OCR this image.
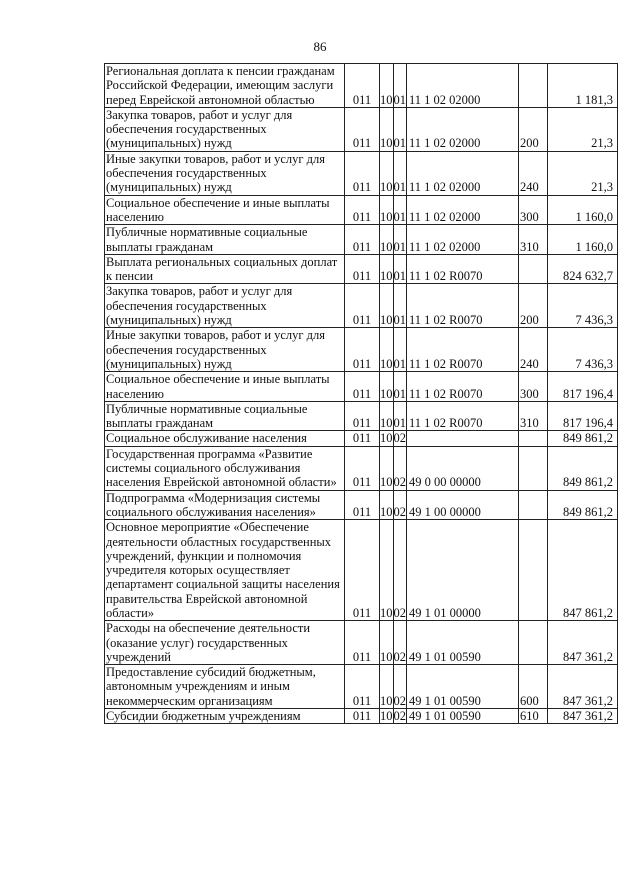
86
Региональная доплата к пенсии гражданам Российской Федерации, имеющим заслуги перед Еврейской автономной областью	011	10	01	11 1 02 02000		1 181,3
Закупка товаров, работ и услуг для обеспечения государственных (муниципальных) нужд	011	10	01	11 1 02 02000	200	21,3
Иные закупки товаров, работ и услуг для обеспечения государственных (муниципальных) нужд	011	10	01	11 1 02 02000	240	21,3
Социальное обеспечение и иные выплаты населению	011	10	01	11 1 02 02000	300	1 160,0
Публичные нормативные социальные выплаты гражданам	011	10	01	11 1 02 02000	310	1 160,0
Выплата региональных социальных доплат к пенсии	011	10	01	11 1 02 R0070		824 632,7
Закупка товаров, работ и услуг для обеспечения государственных (муниципальных) нужд	011	10	01	11 1 02 R0070	200	7 436,3
Иные закупки товаров, работ и услуг для обеспечения государственных (муниципальных) нужд	011	10	01	11 1 02 R0070	240	7 436,3
Социальное обеспечение и иные выплаты населению	011	10	01	11 1 02 R0070	300	817 196,4
Публичные нормативные социальные выплаты гражданам	011	10	01	11 1 02 R0070	310	817 196,4
Социальное обслуживание населения	011	10	02			849 861,2
Государственная программа «Развитие системы социального обслуживания населения Еврейской автономной области»	011	10	02	49 0 00 00000		849 861,2
Подпрограмма «Модернизация системы социального обслуживания населения»	011	10	02	49 1 00 00000		849 861,2
Основное мероприятие «Обеспечение деятельности областных государственных учреждений, функции и полномочия учредителя которых осуществляет департамент социальной защиты населения правительства Еврейской автономной области»	011	10	02	49 1 01 00000		847 861,2
Расходы на обеспечение деятельности (оказание услуг) государственных учреждений	011	10	02	49 1 01 00590		847 361,2
Предоставление субсидий бюджетным, автономным учреждениям и иным некоммерческим организациям	011	10	02	49 1 01 00590	600	847 361,2
Субсидии бюджетным учреждениям	011	10	02	49 1 01 00590	610	847 361,2
